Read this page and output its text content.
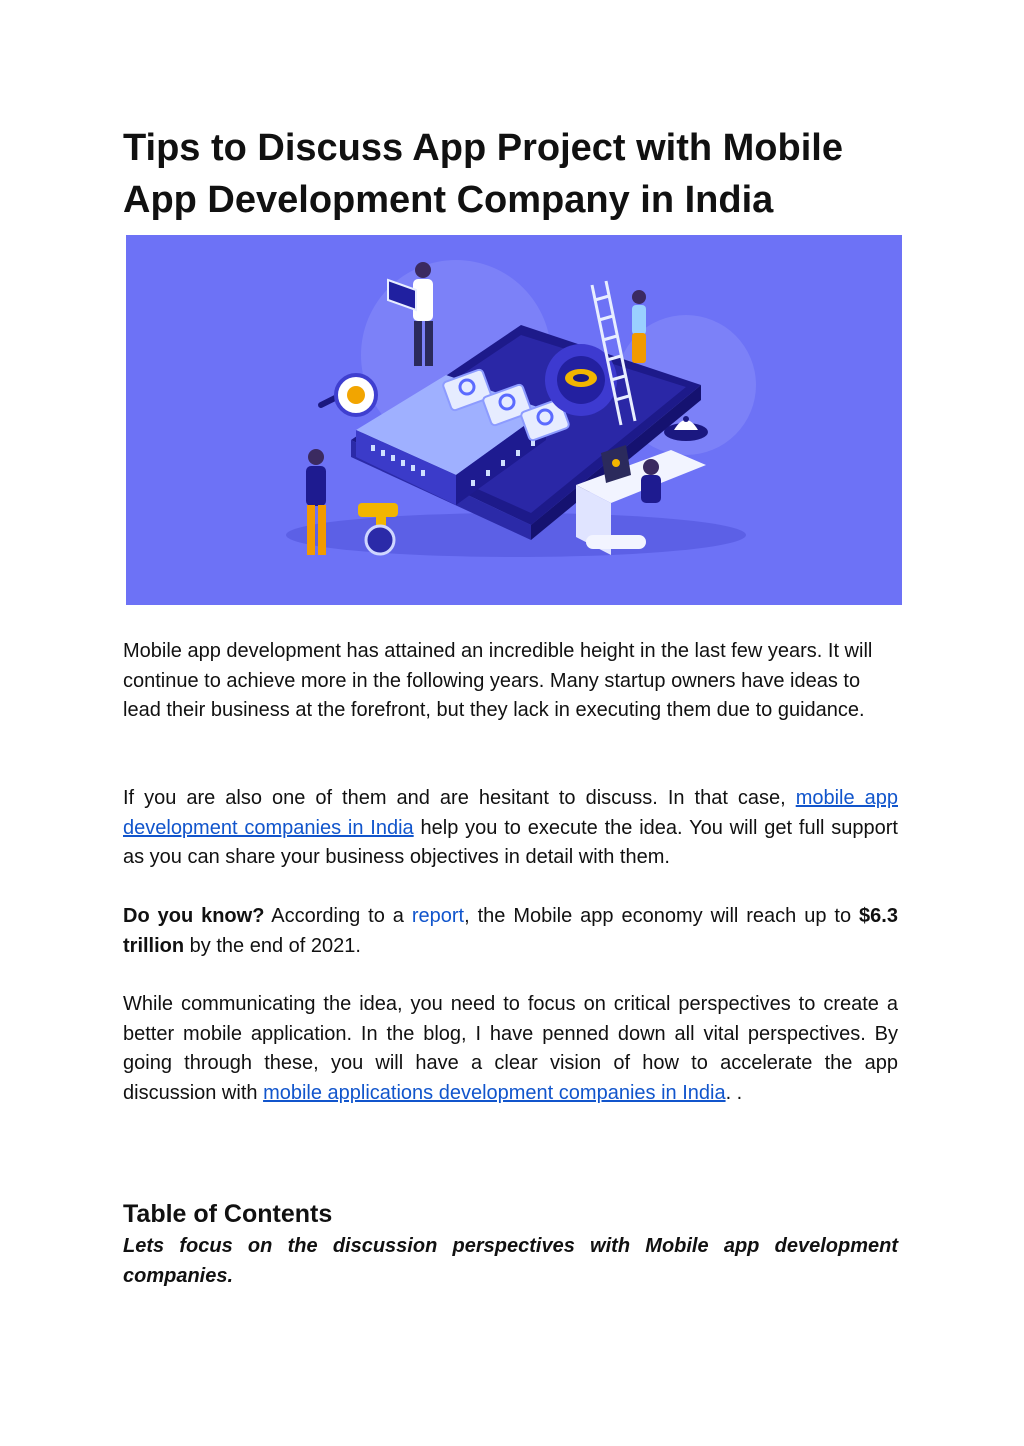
Tips to Discuss App Project with Mobile App Development Company in India

Mobile app development has attained an incredible height in the last few years. It will continue to achieve more in the following years. Many startup owners have ideas to lead their business at the forefront, but they lack in executing them due to guidance.

If you are also one of them and are hesitant to discuss. In that case, mobile app development companies in India help you to execute the idea. You will get full support as you can share your business objectives in detail with them.

Do you know? According to a report, the Mobile app economy will reach up to $6.3 trillion by the end of 2021.

While communicating the idea, you need to focus on critical perspectives to create a better mobile application. In the blog, I have penned down all vital perspectives. By going through these, you will have a clear vision of how to accelerate the app discussion with mobile applications development companies in India. .

Table of Contents

Lets focus on the discussion perspectives with Mobile app development companies.
